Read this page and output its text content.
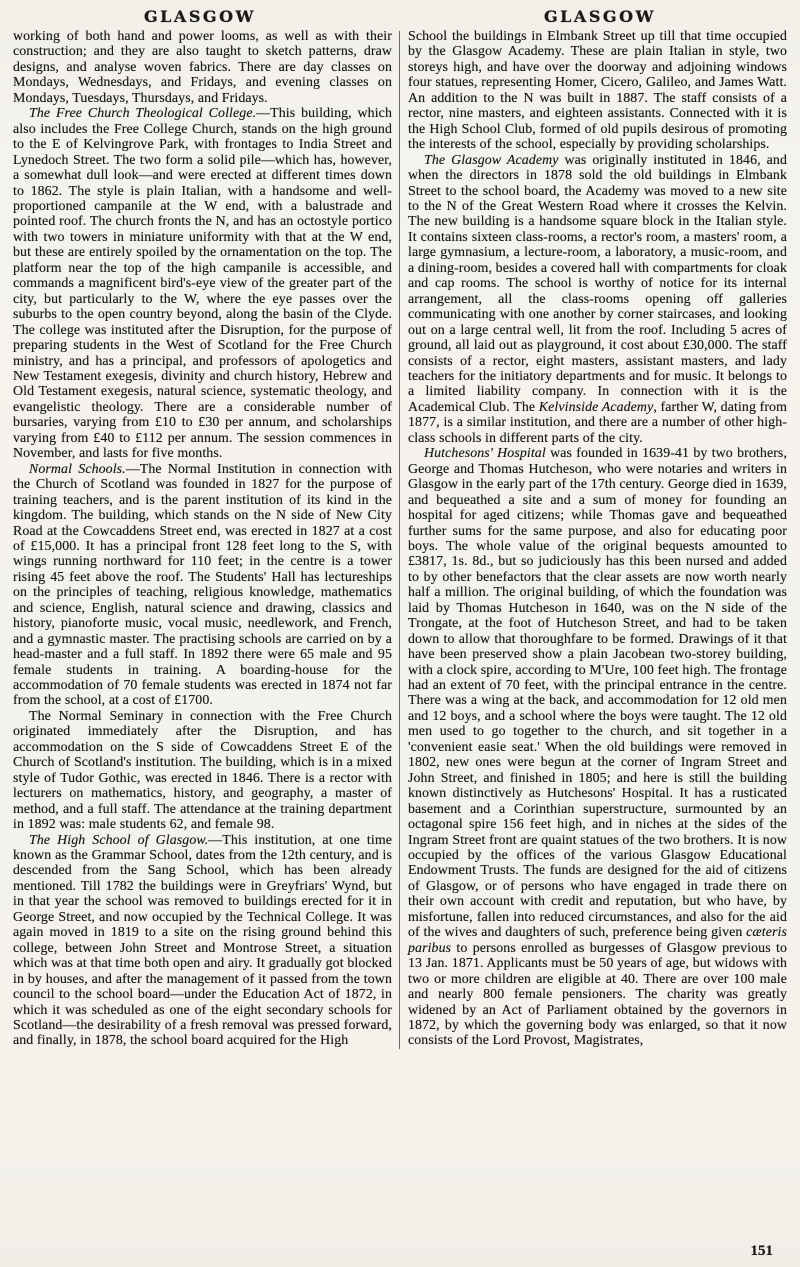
GLASGOW	GLASGOW

working of both hand and power looms, as well as with their construction; and they are also taught to sketch patterns, draw designs, and analyse woven fabrics. There are day classes on Mondays, Wednesdays, and Fridays, and evening classes on Mondays, Tuesdays, Thursdays, and Fridays.

The Free Church Theological College.—This building, which also includes the Free College Church, stands on the high ground to the E of Kelvingrove Park, with frontages to India Street and Lynedoch Street. The two form a solid pile—which has, however, a somewhat dull look—and were erected at different times down to 1862. The style is plain Italian, with a handsome and well-proportioned campanile at the W end, with a balustrade and pointed roof. The church fronts the N, and has an octostyle portico with two towers in miniature uniformity with that at the W end, but these are entirely spoiled by the ornamentation on the top. The platform near the top of the high campanile is accessible, and commands a magnificent bird's-eye view of the greater part of the city, but particularly to the W, where the eye passes over the suburbs to the open country beyond, along the basin of the Clyde. The college was instituted after the Disruption, for the purpose of preparing students in the West of Scotland for the Free Church ministry, and has a principal, and professors of apologetics and New Testament exegesis, divinity and church history, Hebrew and Old Testament exegesis, natural science, systematic theology, and evangelistic theology. There are a considerable number of bursaries, varying from £10 to £30 per annum, and scholarships varying from £40 to £112 per annum. The session commences in November, and lasts for five months.

Normal Schools.—The Normal Institution in connection with the Church of Scotland was founded in 1827 for the purpose of training teachers, and is the parent institution of its kind in the kingdom. The building, which stands on the N side of New City Road at the Cowcaddens Street end, was erected in 1827 at a cost of £15,000. It has a principal front 128 feet long to the S, with wings running northward for 110 feet; in the centre is a tower rising 45 feet above the roof. The Students' Hall has lectureships on the principles of teaching, religious knowledge, mathematics and science, English, natural science and drawing, classics and history, pianoforte music, vocal music, needlework, and French, and a gymnastic master. The practising schools are carried on by a head-master and a full staff. In 1892 there were 65 male and 95 female students in training. A boarding-house for the accommodation of 70 female students was erected in 1874 not far from the school, at a cost of £1700.

The Normal Seminary in connection with the Free Church originated immediately after the Disruption, and has accommodation on the S side of Cowcaddens Street E of the Church of Scotland's institution. The building, which is in a mixed style of Tudor Gothic, was erected in 1846. There is a rector with lecturers on mathematics, history, and geography, a master of method, and a full staff. The attendance at the training department in 1892 was: male students 62, and female 98.

The High School of Glasgow.—This institution, at one time known as the Grammar School, dates from the 12th century, and is descended from the Sang School, which has been already mentioned. Till 1782 the buildings were in Greyfriars' Wynd, but in that year the school was removed to buildings erected for it in George Street, and now occupied by the Technical College. It was again moved in 1819 to a site on the rising ground behind this college, between John Street and Montrose Street, a situation which was at that time both open and airy. It gradually got blocked in by houses, and after the management of it passed from the town council to the school board—under the Education Act of 1872, in which it was scheduled as one of the eight secondary schools for Scotland—the desirability of a fresh removal was pressed forward, and finally, in 1878, the school board acquired for the High

School the buildings in Elmbank Street up till that time occupied by the Glasgow Academy. These are plain Italian in style, two storeys high, and have over the doorway and adjoining windows four statues, representing Homer, Cicero, Galileo, and James Watt. An addition to the N was built in 1887. The staff consists of a rector, nine masters, and eighteen assistants. Connected with it is the High School Club, formed of old pupils desirous of promoting the interests of the school, especially by providing scholarships.

The Glasgow Academy was originally instituted in 1846, and when the directors in 1878 sold the old buildings in Elmbank Street to the school board, the Academy was moved to a new site to the N of the Great Western Road where it crosses the Kelvin. The new building is a handsome square block in the Italian style. It contains sixteen class-rooms, a rector's room, a masters' room, a large gymnasium, a lecture-room, a laboratory, a music-room, and a dining-room, besides a covered hall with compartments for cloak and cap rooms. The school is worthy of notice for its internal arrangement, all the class-rooms opening off galleries communicating with one another by corner staircases, and looking out on a large central well, lit from the roof. Including 5 acres of ground, all laid out as playground, it cost about £30,000. The staff consists of a rector, eight masters, assistant masters, and lady teachers for the initiatory departments and for music. It belongs to a limited liability company. In connection with it is the Academical Club. The Kelvinside Academy, farther W, dating from 1877, is a similar institution, and there are a number of other high-class schools in different parts of the city.

Hutchesons' Hospital was founded in 1639-41 by two brothers, George and Thomas Hutcheson, who were notaries and writers in Glasgow in the early part of the 17th century. George died in 1639, and bequeathed a site and a sum of money for founding an hospital for aged citizens; while Thomas gave and bequeathed further sums for the same purpose, and also for educating poor boys. The whole value of the original bequests amounted to £3817, 1s. 8d., but so judiciously has this been nursed and added to by other benefactors that the clear assets are now worth nearly half a million. The original building, of which the foundation was laid by Thomas Hutcheson in 1640, was on the N side of the Trongate, at the foot of Hutcheson Street, and had to be taken down to allow that thoroughfare to be formed. Drawings of it that have been preserved show a plain Jacobean two-storey building, with a clock spire, according to M'Ure, 100 feet high. The frontage had an extent of 70 feet, with the principal entrance in the centre. There was a wing at the back, and accommodation for 12 old men and 12 boys, and a school where the boys were taught. The 12 old men used to go together to the church, and sit together in a 'convenient easie seat.' When the old buildings were removed in 1802, new ones were begun at the corner of Ingram Street and John Street, and finished in 1805; and here is still the building known distinctively as Hutchesons' Hospital. It has a rusticated basement and a Corinthian superstructure, surmounted by an octagonal spire 156 feet high, and in niches at the sides of the Ingram Street front are quaint statues of the two brothers. It is now occupied by the offices of the various Glasgow Educational Endowment Trusts. The funds are designed for the aid of citizens of Glasgow, or of persons who have engaged in trade there on their own account with credit and reputation, but who have, by misfortune, fallen into reduced circumstances, and also for the aid of the wives and daughters of such, preference being given cæteris paribus to persons enrolled as burgesses of Glasgow previous to 13 Jan. 1871. Applicants must be 50 years of age, but widows with two or more children are eligible at 40. There are over 100 male and nearly 800 female pensioners. The charity was greatly widened by an Act of Parliament obtained by the governors in 1872, by which the governing body was enlarged, so that it now consists of the Lord Provost, Magistrates,

151
